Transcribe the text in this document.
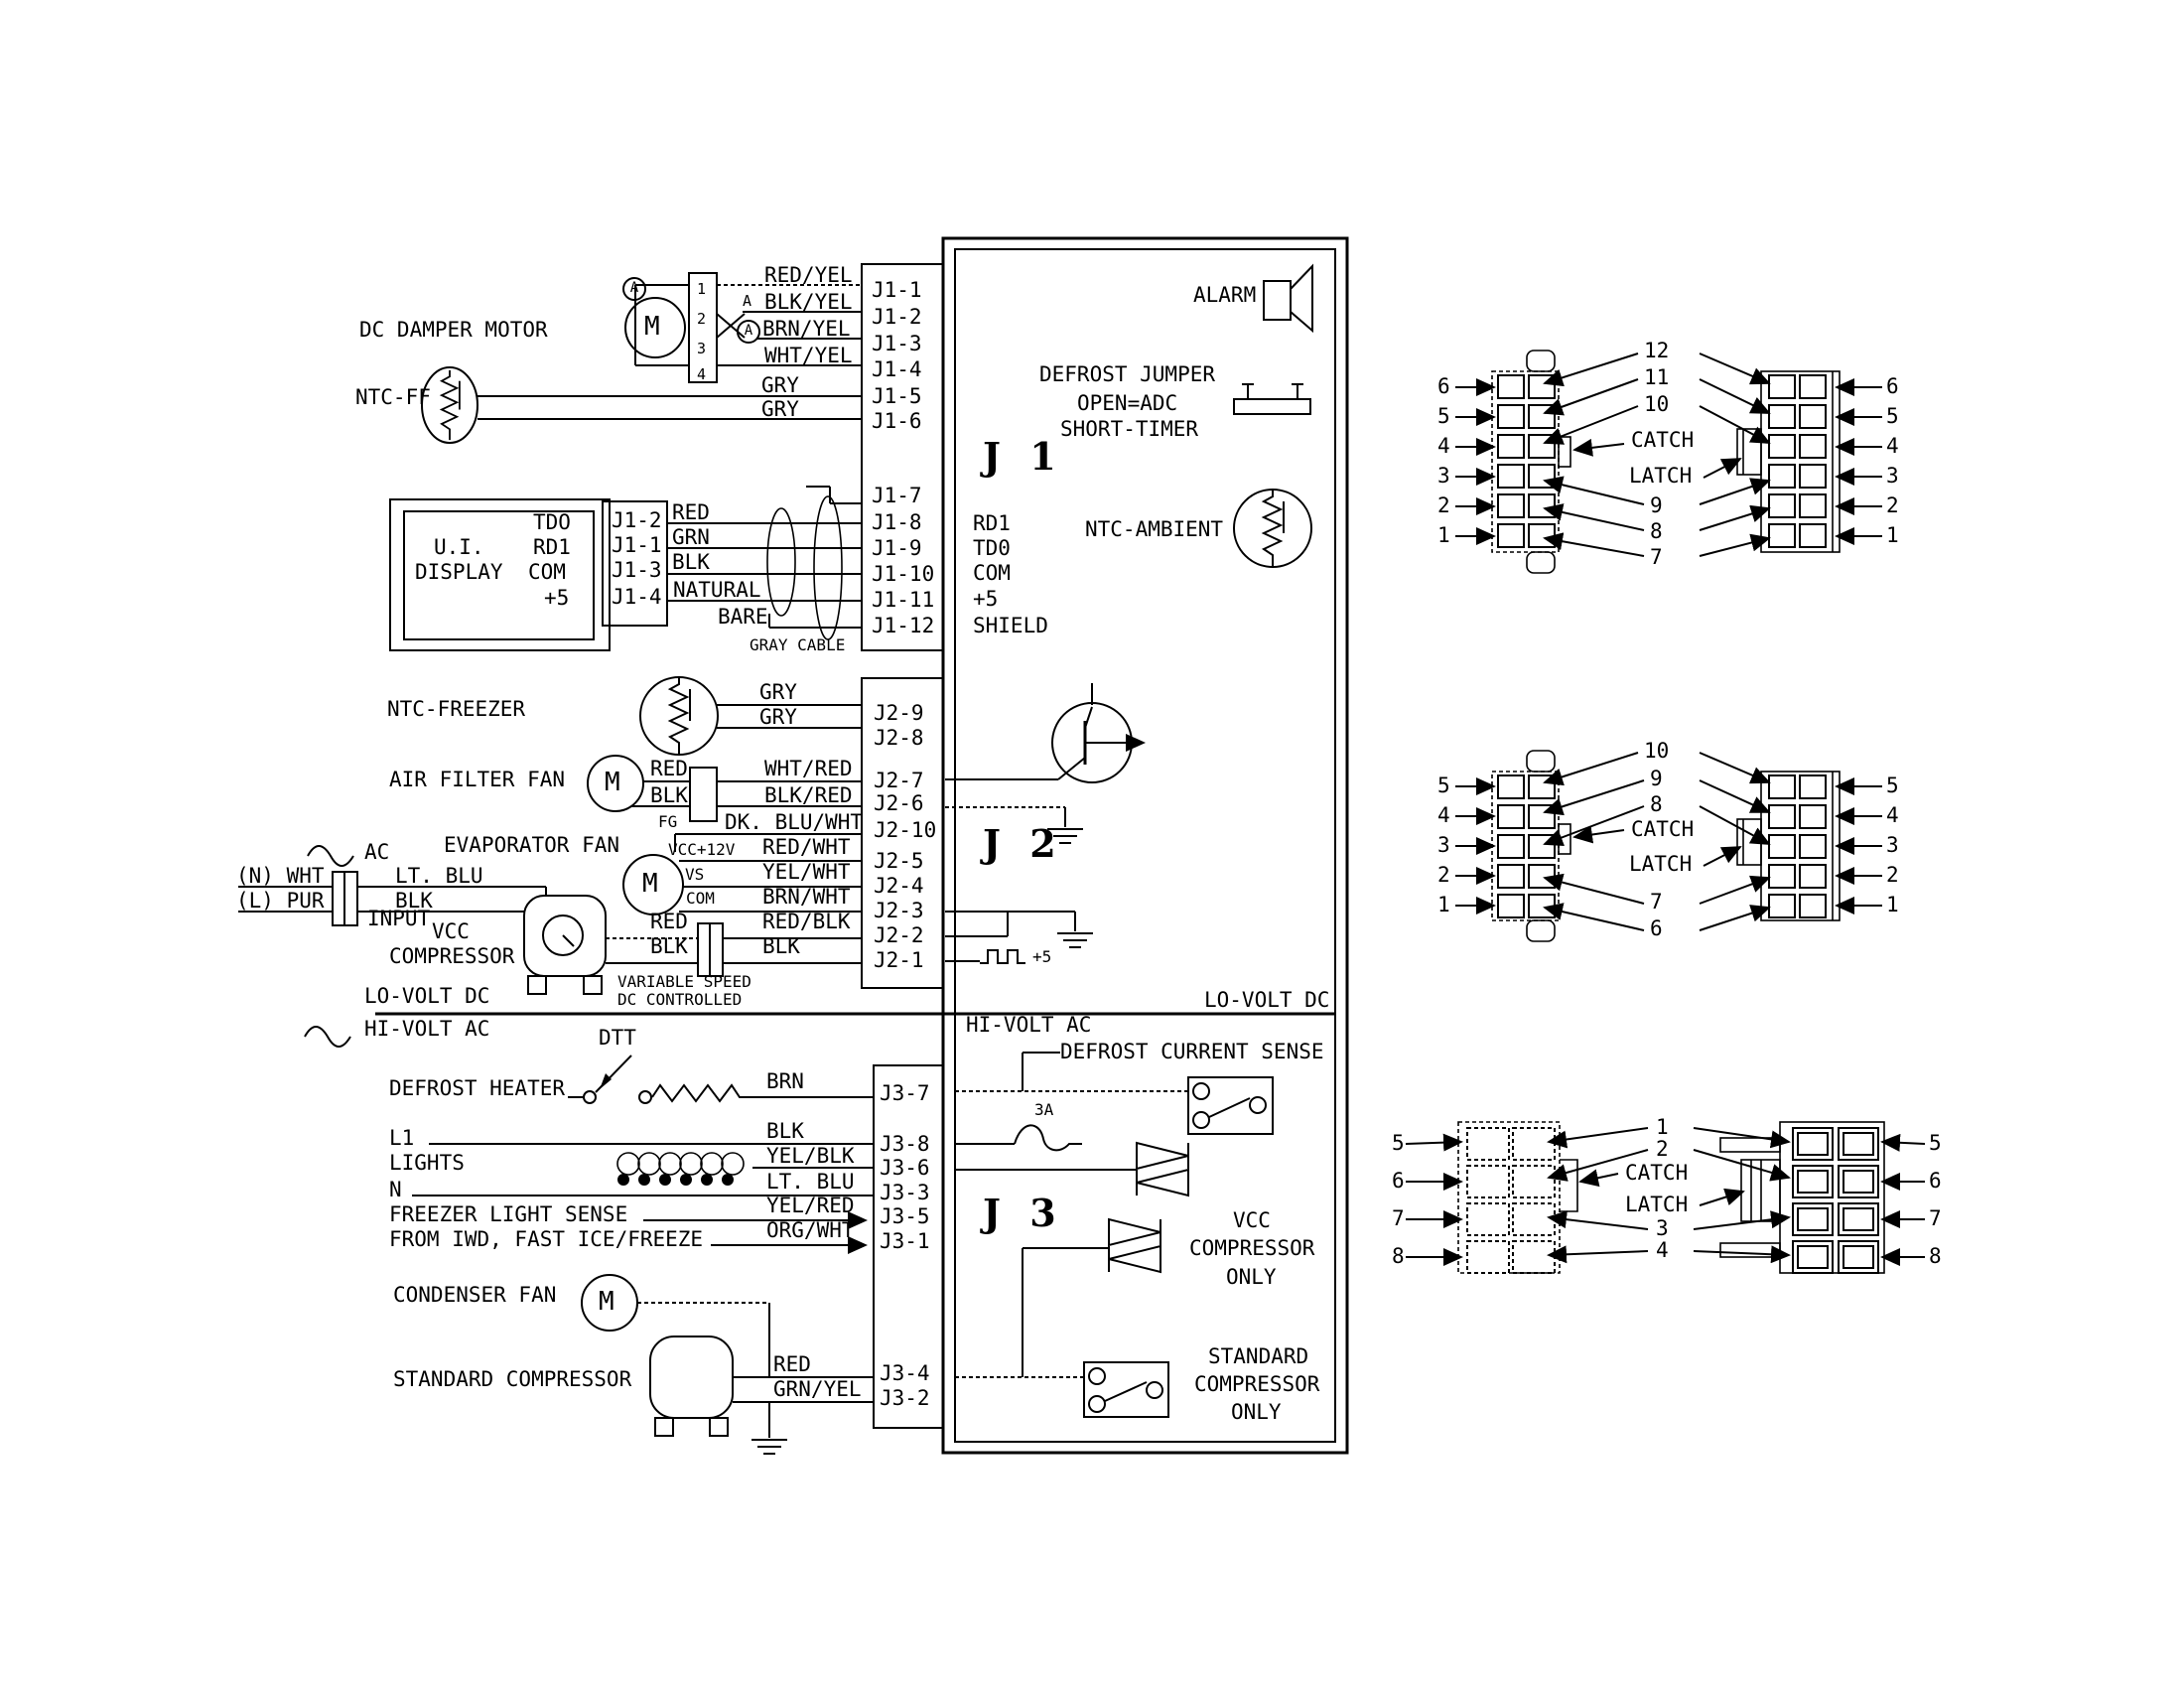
DC DAMPER MOTOR
NTC-FF
M
A
A
A
1
2
3
4
RED/YEL
BLK/YEL
BRN/YEL
WHT/YEL
GRY
GRY
J1-1
J1-2
J1-3
J1-4
J1-5
J1-6
J1-7
J1-8
J1-9
J1-10
J1-11
J1-12
U.I.
DISPLAY
TDO
RD1
COM
+5
J1-2
J1-1
J1-3
J1-4
RED
GRN
BLK
NATURAL
BARE
GRAY CABLE
RD1
TD0
COM
+5
SHIELD
ALARM
DEFROST JUMPER
OPEN=ADC
SHORT-TIMER
J 1
NTC-AMBIENT
NTC-FREEZER
GRY
GRY
AIR FILTER FAN M RED
BLK
WHT/RED
BLK/RED
J2-9
J2-8
J2-7
J2-6
J2-10
J2-5
J2-4
J2-3
J2-2
J2-1
FG DK. BLU/WHT
EVAPORATOR FAN	VCC+12V RED/WHT
M VS	YEL/WHT
COM BRN/WHT
AC
(N) WHT
(L) PUR
LT. BLU
BLK
INPUT
VCC
COMPRESSOR
RED
BLK
RED/BLK
BLK
VARIABLE SPEED
DC CONTROLLED
LO-VOLT DC
HI-VOLT AC
LO-VOLT DC
HI-VOLT AC
J 2
+5
DTT
DEFROST HEATER	BRN	J3-7
J3-8
J3-6
J3-3
J3-5
J3-1
J3-4
J3-2
L1
LIGHTS
N
BLK
YEL/BLK
LT. BLU
FREEZER LIGHT SENSE	YEL/RED
FROM IWD, FAST ICE/FREEZE	ORG/WHT
CONDENSER FAN M
STANDARD COMPRESSOR
RED
GRN/YEL
DEFROST CURRENT SENSE
3A
J 3	VCC
COMPRESSOR
ONLY
STANDARD
COMPRESSOR
ONLY
6
5
4
3
2
1
12
11
10
CATCH
LATCH
9
8
7
6
5
4
3
2
1
5
4
3
2
1
10
9
8
CATCH
LATCH
7
6
5
4
3
2
1
5
6
7
8
1
2
CATCH
LATCH
3
4
5
6
7
8
